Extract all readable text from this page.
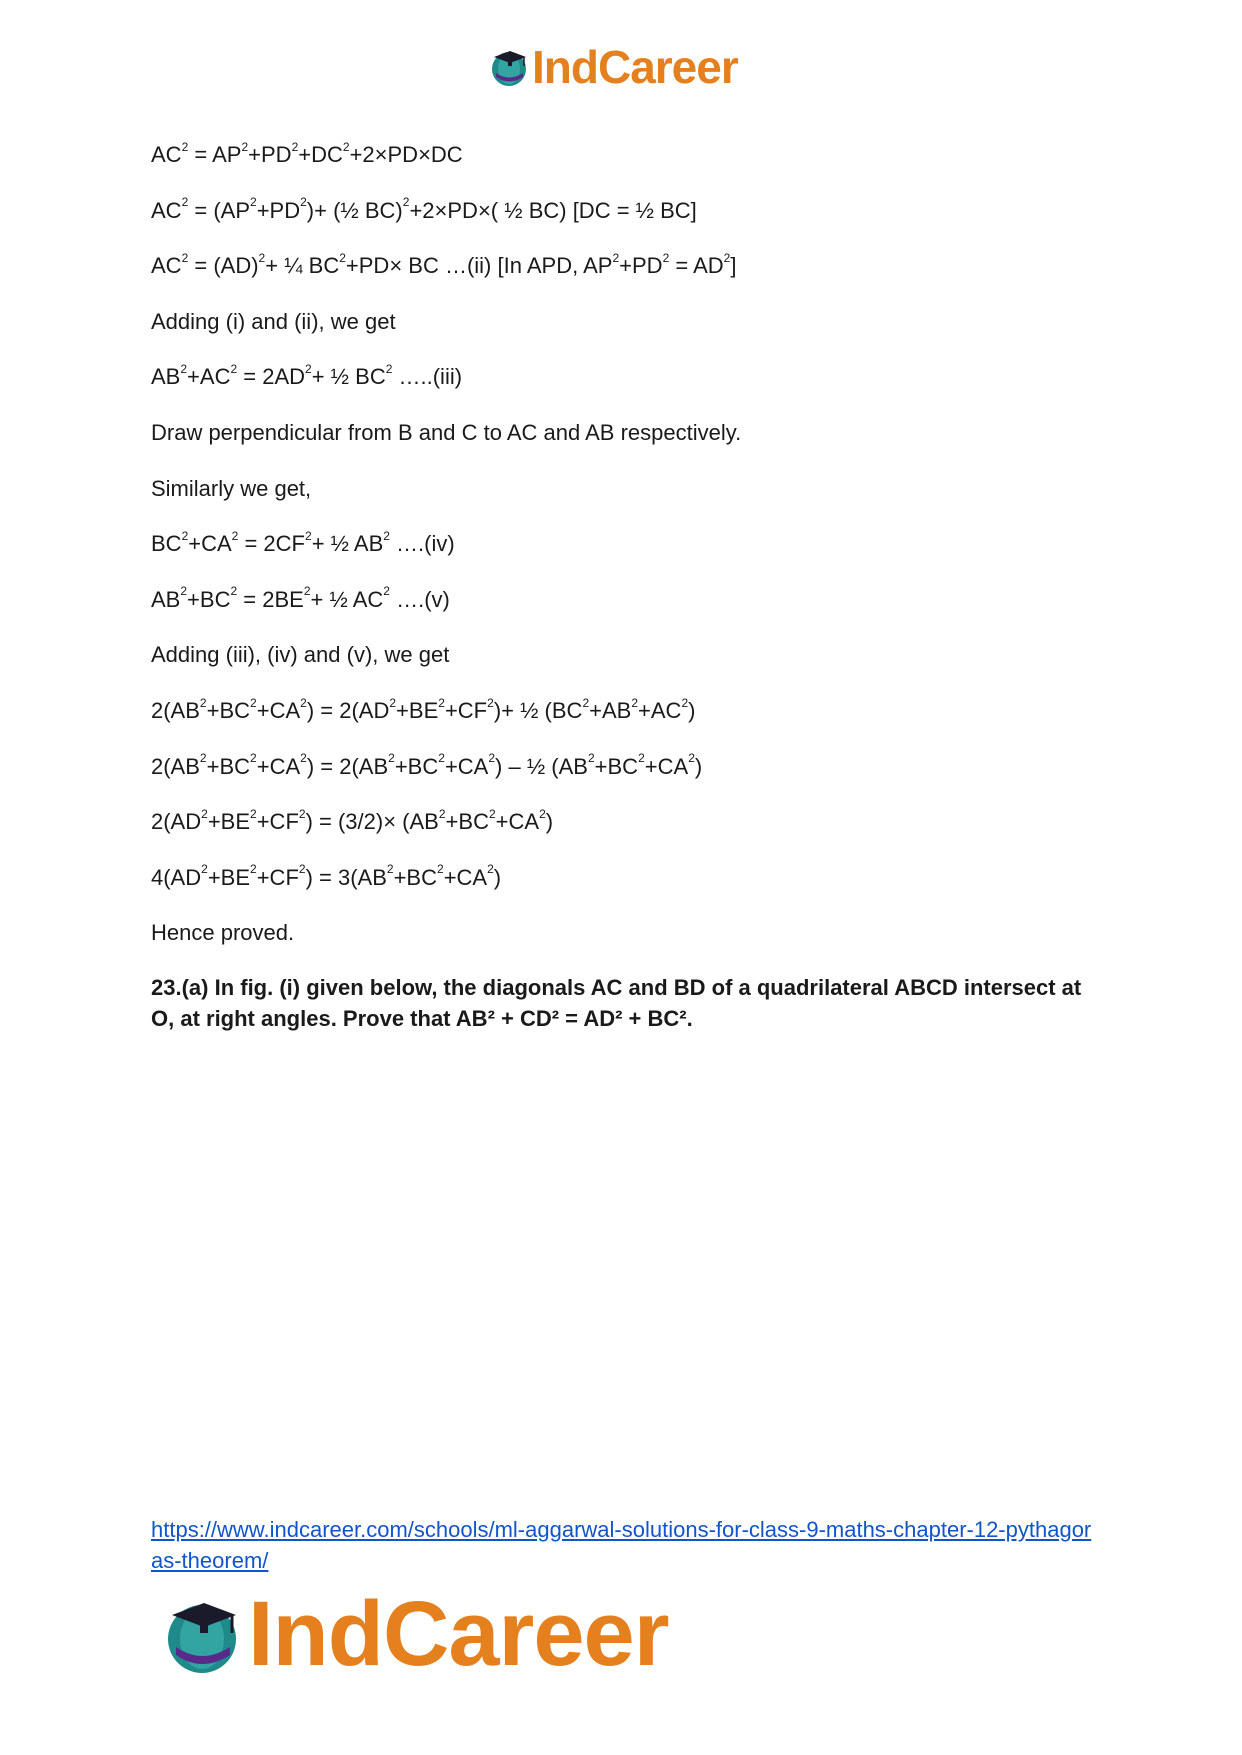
IndCareer
$AC^2 = AP^2+PD^2+DC^2+2\times PD\times DC$
$AC^2 = (AP^2+PD^2)+$ (½ BC)$^2$+2×PD×( ½ BC) [DC = ½ BC]
$AC^2 = (AD)^2+$ ¼ $BC^2+PD\times$ BC …(ii) [In APD, $AP^2+PD^2 = AD^2$]
Adding (i) and (ii), we get
$AB^2+AC^2 = 2AD^2+$ ½ $BC^2$ …..(iii)
Draw perpendicular from B and C to AC and AB respectively.
Similarly we get,
$BC^2+CA^2 = 2CF^2+$ ½ $AB^2$ ….(iv)
$AB^2+BC^2 = 2BE^2+$ ½ $AC^2$ ….(v)
Adding (iii), (iv) and (v), we get
$2(AB^2+BC^2+CA^2) = 2(AD^2+BE^2+CF^2)+$ ½ $(BC^2+AB^2+AC^2)$
$2(AB^2+BC^2+CA^2) = 2(AB^2+BC^2+CA^2)$ – ½ $(AB^2+BC^2+CA^2)$
$2(AD^2+BE^2+CF^2) = (3/2)\times (AB^2+BC^2+CA^2)$
$4(AD^2+BE^2+CF^2) = 3(AB^2+BC^2+CA^2)$
Hence proved.
23.(a) In fig. (i) given below, the diagonals AC and BD of a quadrilateral ABCD intersect at O, at right angles. Prove that AB² + CD² = AD² + BC².
https://www.indcareer.com/schools/ml-aggarwal-solutions-for-class-9-maths-chapter-12-pythagoras-theorem/
IndCareer
